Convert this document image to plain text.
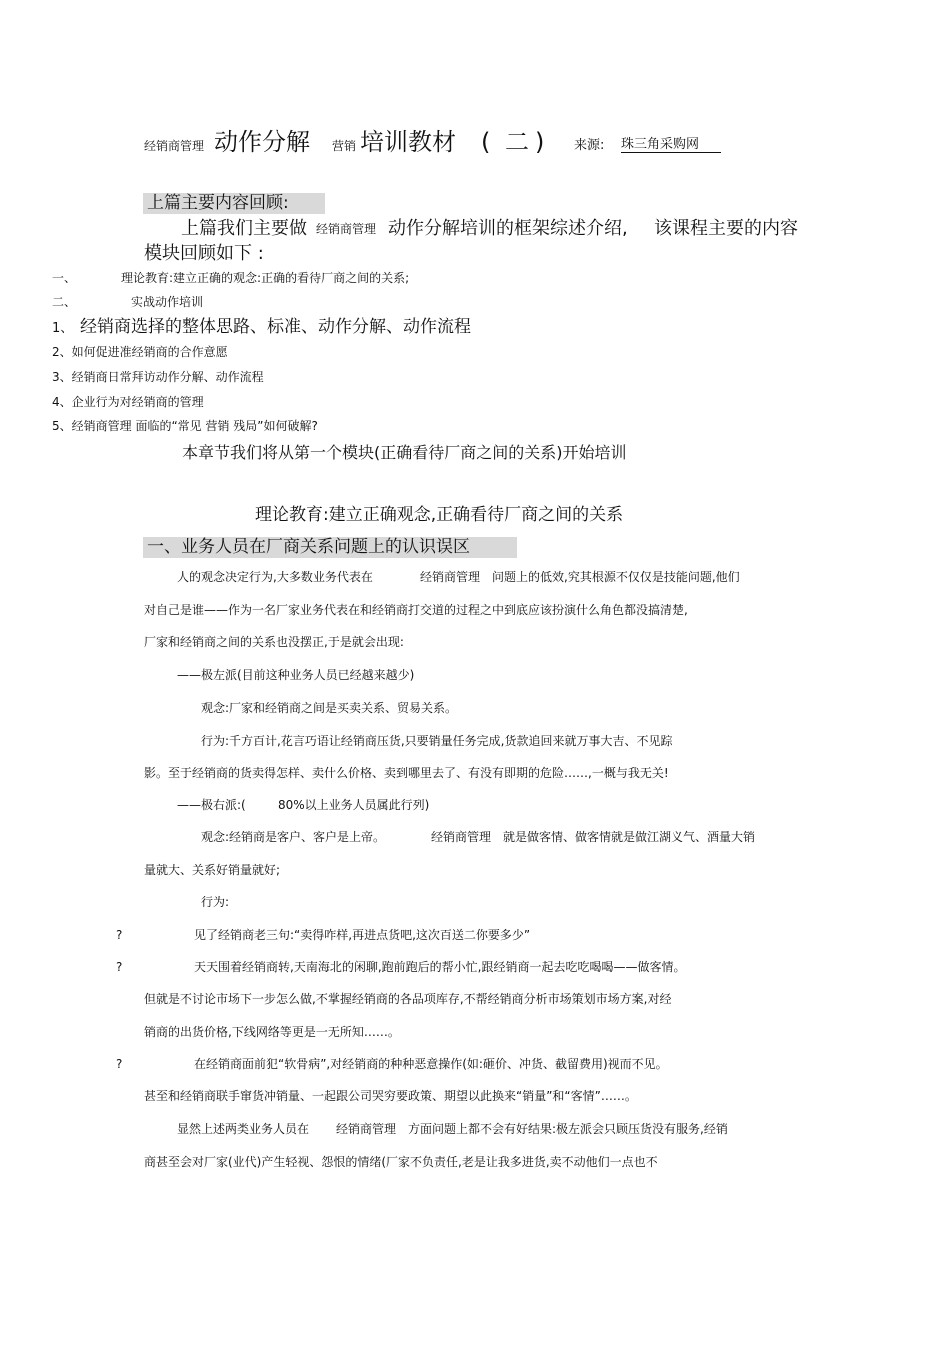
经销商管理 动作分解 营销 培训教材 ( 二 ) 来源: 珠三角采购网
上篇主要内容回顾:
上篇我们主要做 经销商管理 动作分解培训的框架综述介绍, 该课程主要的内容
模块回顾如下 :
一、	理论教育:建立正确的观念:正确的看待厂商之间的关系;
二、	实战动作培训
1、 经销商选择的整体思路、标准、动作分解、动作流程
2、如何促进准经销商的合作意愿
3、经销商日常拜访动作分解、动作流程
4、企业行为对经销商的管理
5、经销商管理 面临的“常见 营销 残局”如何破解?
本章节我们将从第一个模块(正确看待厂商之间的关系)开始培训
理论教育:建立正确观念,正确看待厂商之间的关系
一、业务人员在厂商关系问题上的认识误区
人的观念决定行为,大多数业务代表在	经销商管理 问题上的低效,究其根源不仅仅是技能问题,他们
对自己是谁——作为一名厂家业务代表在和经销商打交道的过程之中到底应该扮演什么角色都没搞清楚,
厂家和经销商之间的关系也没摆正,于是就会出现:
——极左派(目前这种业务人员已经越来越少)
观念:厂家和经销商之间是买卖关系、贸易关系。
行为:千方百计,花言巧语让经销商压货,只要销量任务完成,货款追回来就万事大吉、不见踪
影。至于经销商的货卖得怎样、卖什么价格、卖到哪里去了、有没有即期的危险……,一概与我无关!
——极右派:(	80%以上业务人员属此行列)
观念:经销商是客户、客户是上帝。	经销商管理 就是做客情、做客情就是做江湖义气、酒量大销
量就大、关系好销量就好;
行为:
?	见了经销商老三句:“卖得咋样,再进点货吧,这次百送二你要多少”
?	天天围着经销商转,天南海北的闲聊,跑前跑后的帮小忙,跟经销商一起去吃吃喝喝——做客情。
但就是不讨论市场下一步怎么做,不掌握经销商的各品项库存,不帮经销商分析市场策划市场方案,对经
销商的出货价格,下线网络等更是一无所知……。
?	在经销商面前犯“软骨病”,对经销商的种种恶意操作(如:砸价、冲货、截留费用)视而不见。
甚至和经销商联手窜货冲销量、一起跟公司哭穷要政策、期望以此换来“销量”和“客情”……。
显然上述两类业务人员在 经销商管理 方面问题上都不会有好结果:极左派会只顾压货没有服务,经销
商甚至会对厂家(业代)产生轻视、怨恨的情绪(厂家不负责任,老是让我多进货,卖不动他们一点也不
